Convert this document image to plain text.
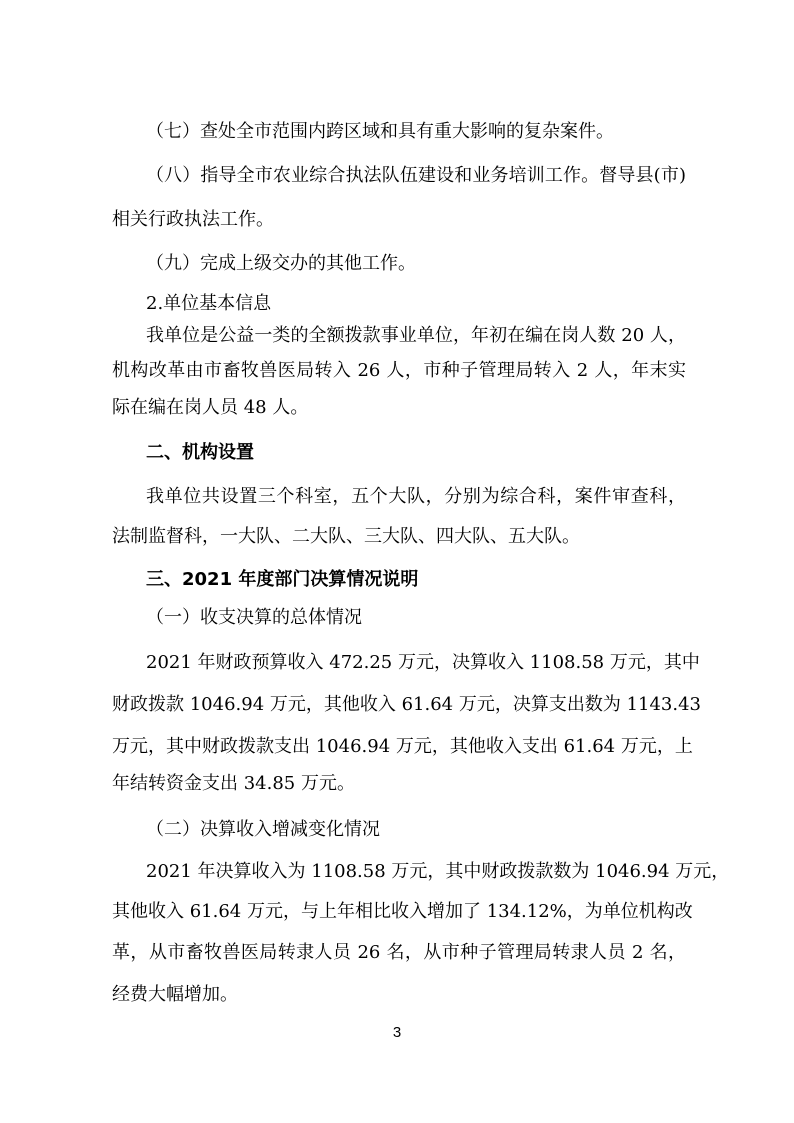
（七）查处全市范围内跨区域和具有重大影响的复杂案件。
（八）指导全市农业综合执法队伍建设和业务培训工作。督导县(市)
相关行政执法工作。
（九）完成上级交办的其他工作。
2.单位基本信息
我单位是公益一类的全额拨款事业单位，年初在编在岗人数 20 人，
机构改革由市畜牧兽医局转入 26 人，市种子管理局转入 2 人，年末实
际在编在岗人员 48 人。
二、机构设置
我单位共设置三个科室，五个大队，分别为综合科，案件审查科，
法制监督科，一大队、二大队、三大队、四大队、五大队。
三、2021 年度部门决算情况说明
（一）收支决算的总体情况
2021 年财政预算收入 472.25 万元，决算收入 1108.58 万元，其中
财政拨款 1046.94 万元，其他收入 61.64 万元，决算支出数为 1143.43
万元，其中财政拨款支出 1046.94 万元，其他收入支出 61.64 万元，上
年结转资金支出 34.85 万元。
（二）决算收入增减变化情况
2021 年决算收入为 1108.58 万元，其中财政拨款数为 1046.94 万元，
其他收入 61.64 万元，与上年相比收入增加了 134.12%，为单位机构改
革，从市畜牧兽医局转隶人员 26 名，从市种子管理局转隶人员 2 名，
经费大幅增加。
3
